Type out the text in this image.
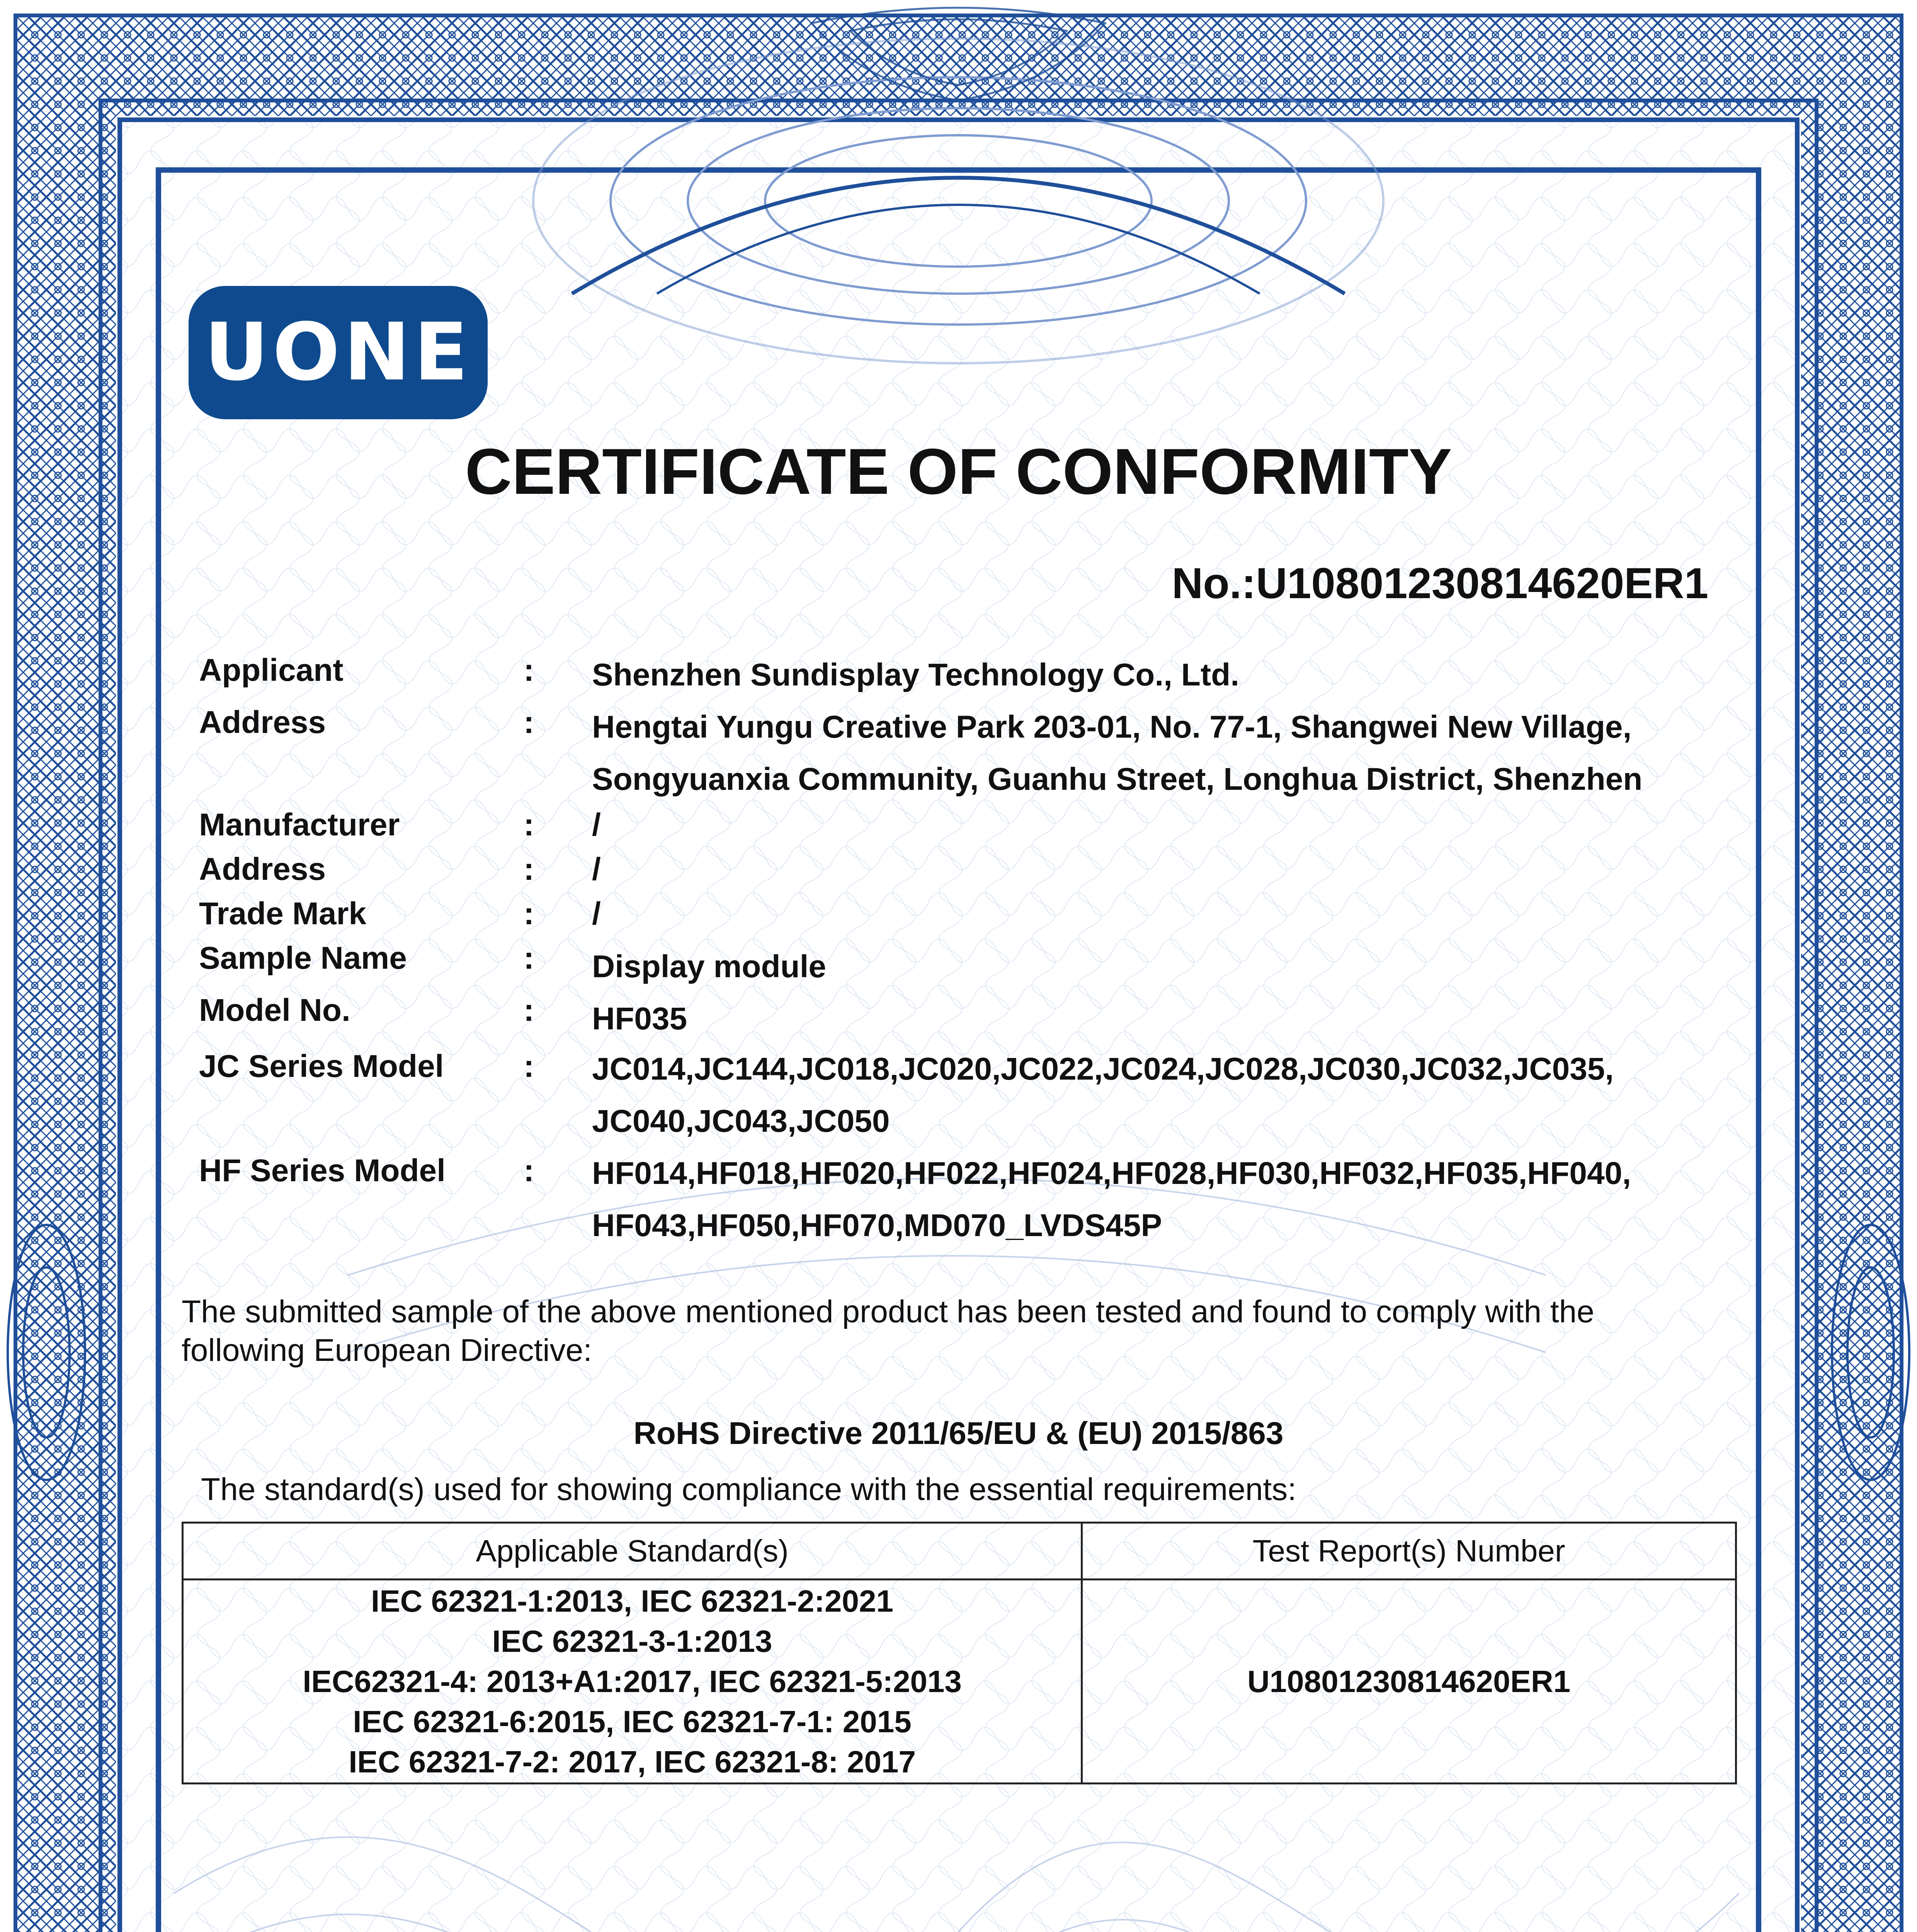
UONE
CERTIFICATE OF CONFORMITY
No.:U10801230814620ER1
Applicant	: Shenzhen Sundisplay Technology Co., Ltd.
Address	: Hengtai Yungu Creative Park 203-01, No. 77-1, Shangwei New Village,
Songyuanxia Community, Guanhu Street, Longhua District, Shenzhen
Manufacturer	: /
Address	: /
Trade Mark	: /
Sample Name	: Display module
Model No.	: HF035
JC Series Model	: JC014,JC144,JC018,JC020,JC022,JC024,JC028,JC030,JC032,JC035,
JC040,JC043,JC050
HF Series Model : HF014,HF018,HF020,HF022,HF024,HF028,HF030,HF032,HF035,HF040,
HF043,HF050,HF070,MD070_LVDS45P
The submitted sample of the above mentioned product has been tested and found to comply with the
following European Directive:
RoHS Directive 2011/65/EU & (EU) 2015/863
The standard(s) used for showing compliance with the essential requirements:
Applicable Standard(s)	Test Report(s) Number

IEC 62321-1:2013, IEC 62321-2:2021
IEC 62321-3-1:2013
IEC62321-4: 2013+A1:2017, IEC 62321-5:2013
IEC 62321-6:2015, IEC 62321-7-1: 2015
IEC 62321-7-2: 2017, IEC 62321-8: 2017	U10801230814620ER1
